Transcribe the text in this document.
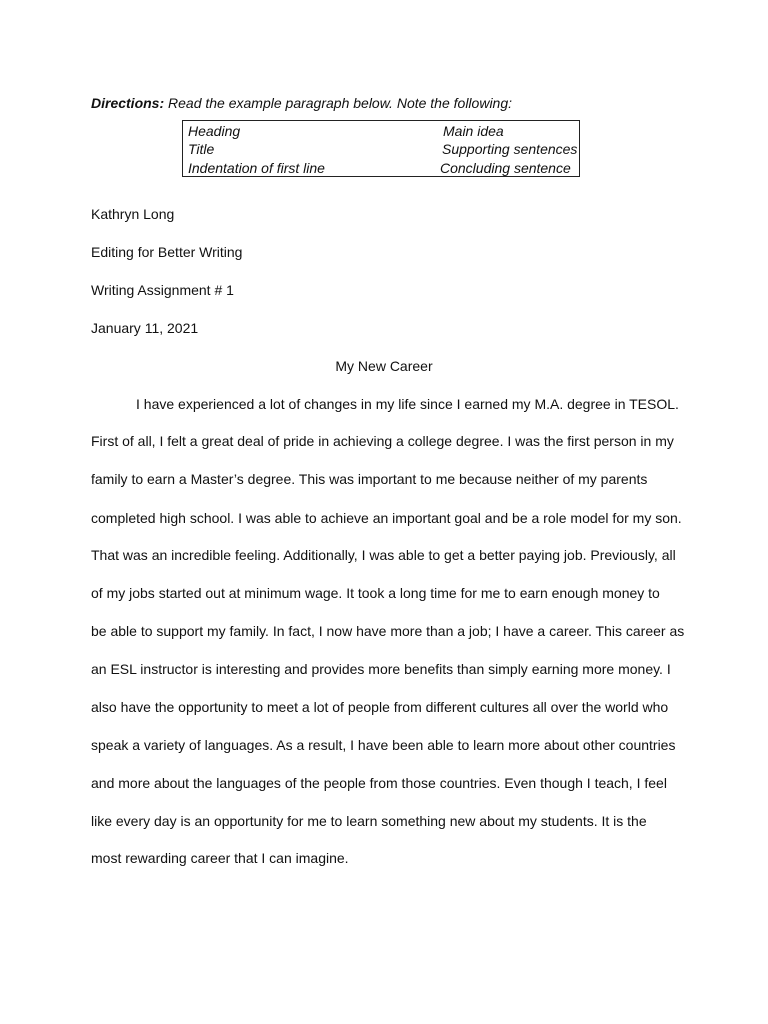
Directions: Read the example paragraph below. Note the following:
Heading	Main idea
Title	Supporting sentences
Indentation of first line	Concluding sentence
Kathryn Long
Editing for Better Writing
Writing Assignment # 1
January 11, 2021
My New Career
I have experienced a lot of changes in my life since I earned my M.A. degree in TESOL.
First of all, I felt a great deal of pride in achieving a college degree. I was the first person in my
family to earn a Master’s degree. This was important to me because neither of my parents
completed high school. I was able to achieve an important goal and be a role model for my son.
That was an incredible feeling. Additionally, I was able to get a better paying job. Previously, all
of my jobs started out at minimum wage. It took a long time for me to earn enough money to
be able to support my family. In fact, I now have more than a job; I have a career. This career as
an ESL instructor is interesting and provides more benefits than simply earning more money. I
also have the opportunity to meet a lot of people from different cultures all over the world who
speak a variety of languages. As a result, I have been able to learn more about other countries
and more about the languages of the people from those countries. Even though I teach, I feel
like every day is an opportunity for me to learn something new about my students. It is the
most rewarding career that I can imagine.
